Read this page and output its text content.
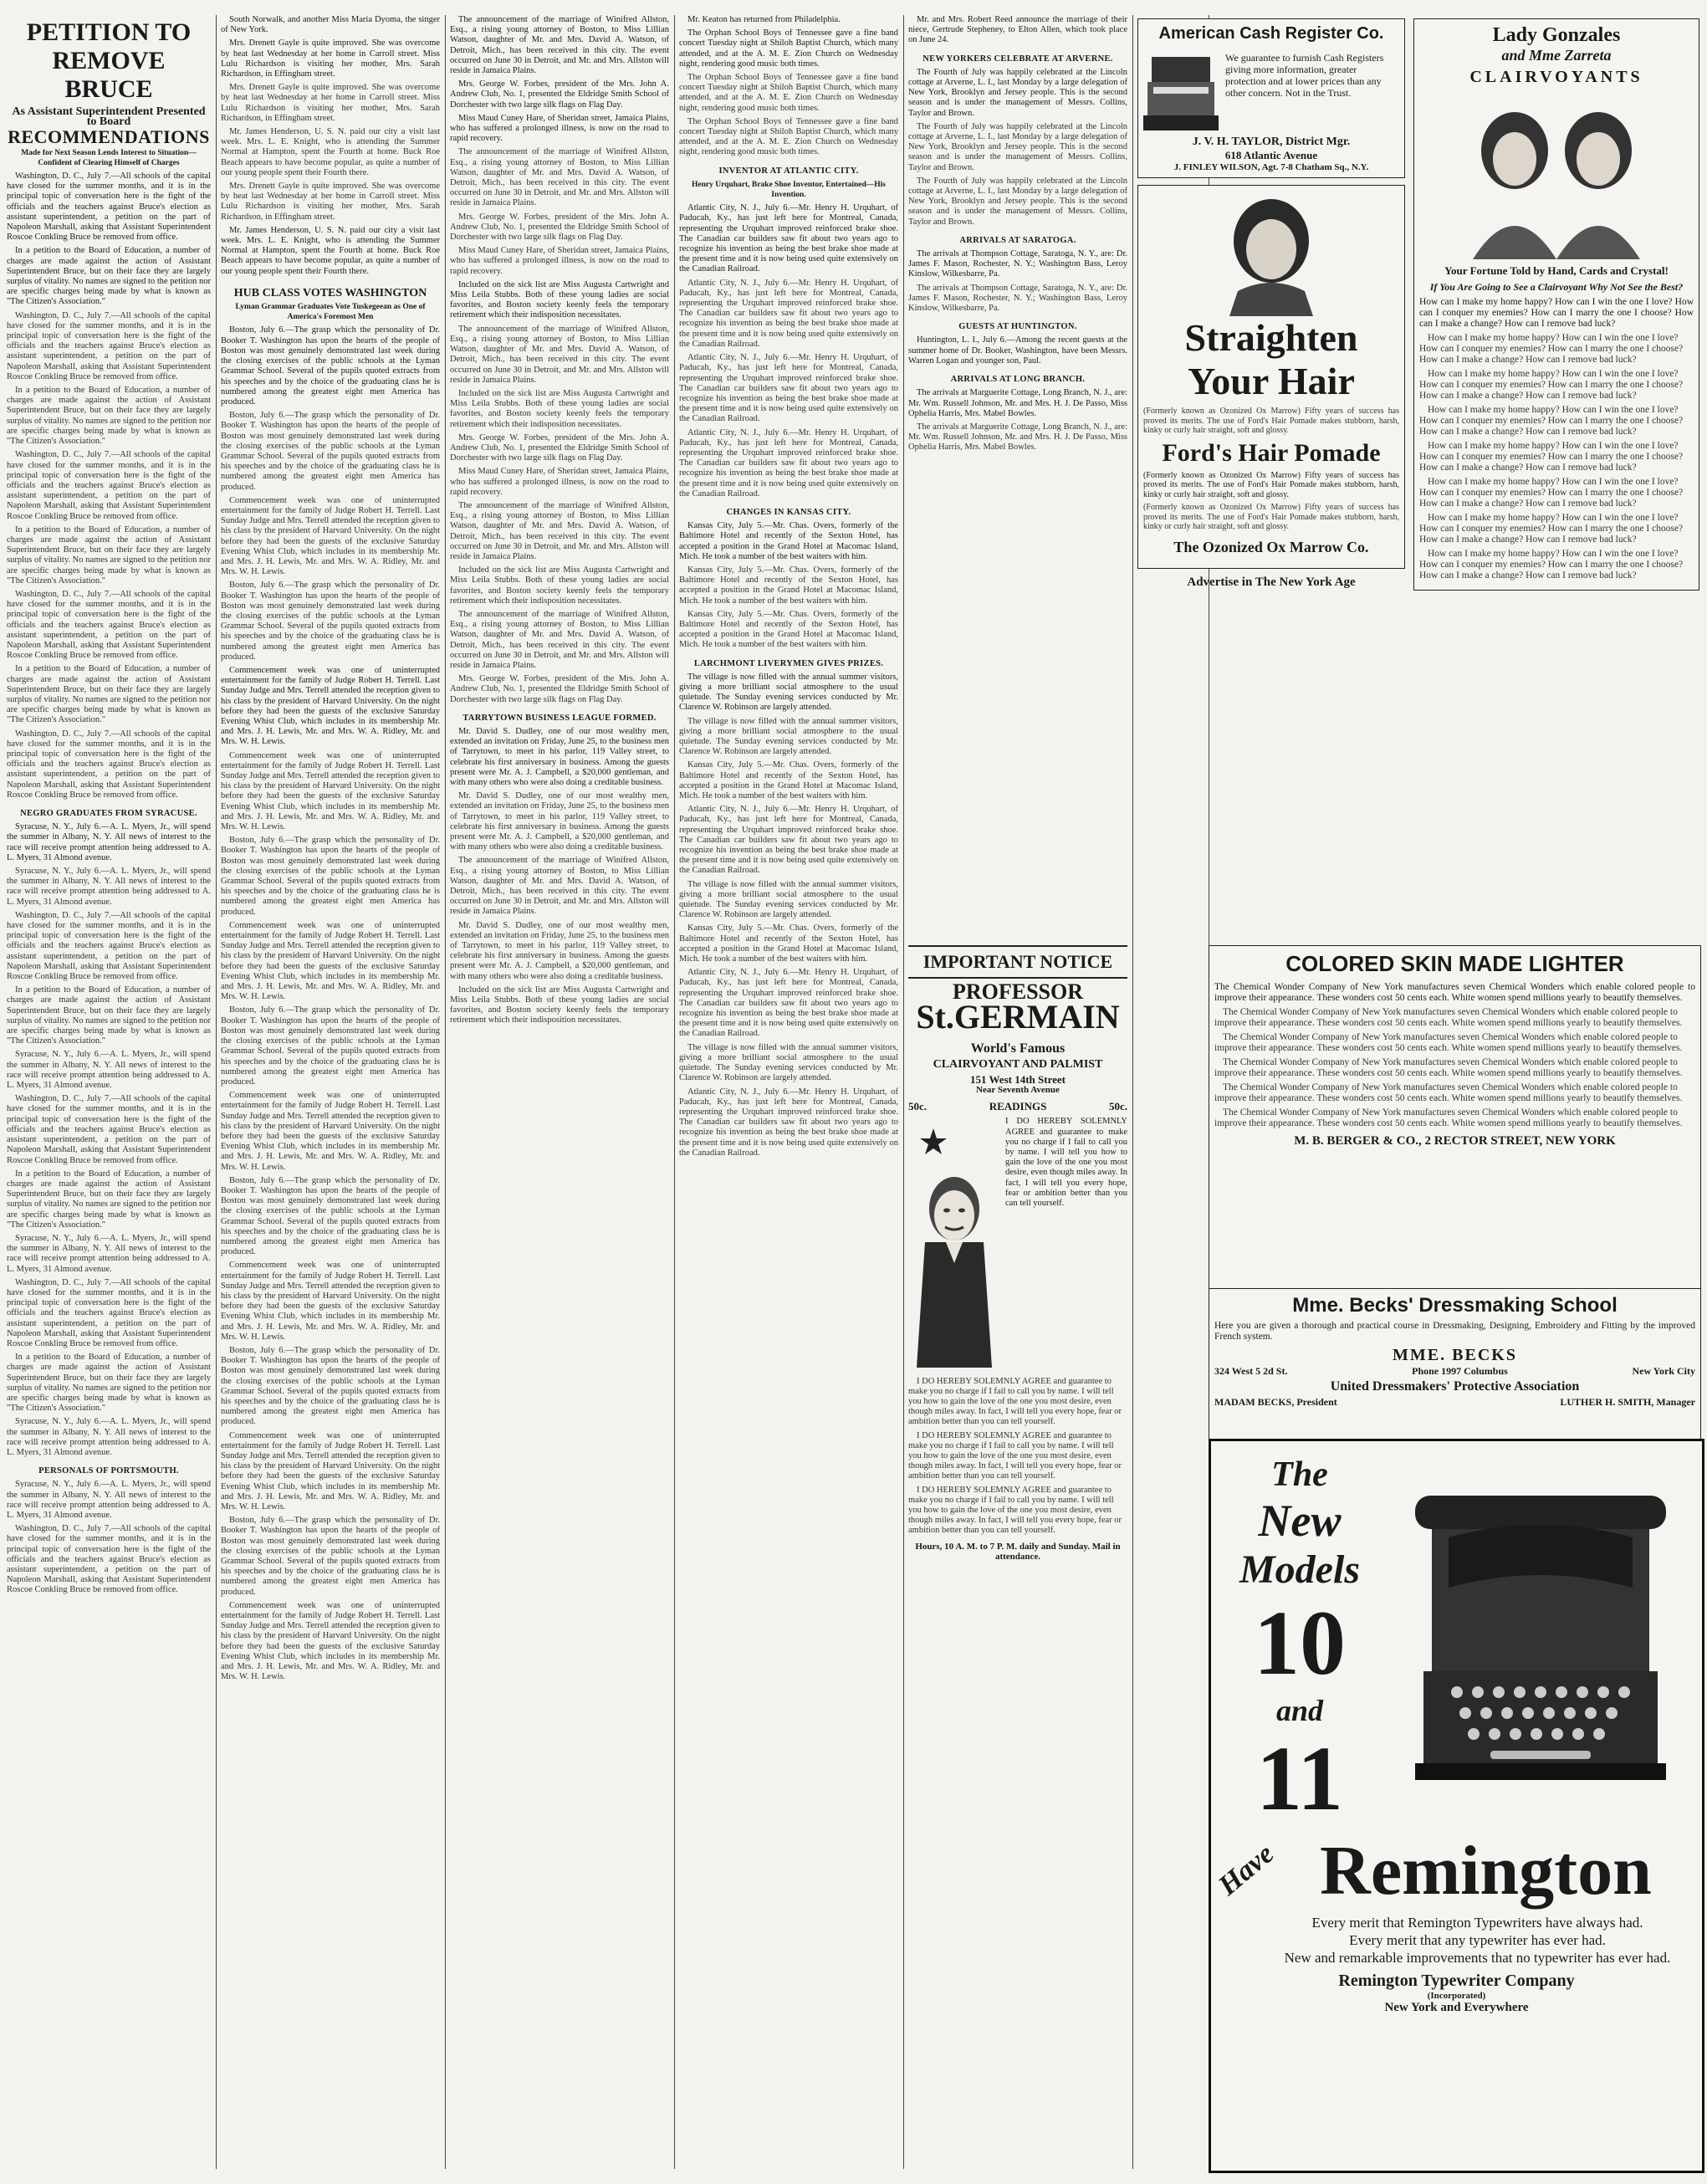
PETITION TO REMOVE BRUCE
As Assistant Superintendent Presented to Board
RECOMMENDATIONS
Made for Next Season Lends Interest to Situation—Confident of Clearing Himself of Charges

Washington, D. C., July 7.—All schools of the capital have closed for the summer months, and it is in the principal topic of conversation here is the fight of the officials and the teachers against Bruce's election as assistant superintendent, a petition on the part of Napoleon Marshall, asking that Assistant Superintendent Roscoe Conkling Bruce be removed from office.

In a petition to the Board of Education, a number of charges are made against the action of Assistant Superintendent Bruce, but on their face they are largely surplus of vitality. No names are signed to the petition nor are specific charges being made by what is known as "The Citizen's Association."

Washington, D. C., July 7.—All schools of the capital have closed for the summer months, and it is in the principal topic of conversation here is the fight of the officials and the teachers against Bruce's election as assistant superintendent, a petition on the part of Napoleon Marshall, asking that Assistant Superintendent Roscoe Conkling Bruce be removed from office.

In a petition to the Board of Education, a number of charges are made against the action of Assistant Superintendent Bruce, but on their face they are largely surplus of vitality. No names are signed to the petition nor are specific charges being made by what is known as "The Citizen's Association."

Washington, D. C., July 7.—All schools of the capital have closed for the summer months, and it is in the principal topic of conversation here is the fight of the officials and the teachers against Bruce's election as assistant superintendent, a petition on the part of Napoleon Marshall, asking that Assistant Superintendent Roscoe Conkling Bruce be removed from office.

In a petition to the Board of Education, a number of charges are made against the action of Assistant Superintendent Bruce, but on their face they are largely surplus of vitality. No names are signed to the petition nor are specific charges being made by what is known as "The Citizen's Association."

Washington, D. C., July 7.—All schools of the capital have closed for the summer months, and it is in the principal topic of conversation here is the fight of the officials and the teachers against Bruce's election as assistant superintendent, a petition on the part of Napoleon Marshall, asking that Assistant Superintendent Roscoe Conkling Bruce be removed from office.

In a petition to the Board of Education, a number of charges are made against the action of Assistant Superintendent Bruce, but on their face they are largely surplus of vitality. No names are signed to the petition nor are specific charges being made by what is known as "The Citizen's Association."

Washington, D. C., July 7.—All schools of the capital have closed for the summer months, and it is in the principal topic of conversation here is the fight of the officials and the teachers against Bruce's election as assistant superintendent, a petition on the part of Napoleon Marshall, asking that Assistant Superintendent Roscoe Conkling Bruce be removed from office.

NEGRO GRADUATES FROM SYRACUSE.

Syracuse, N. Y., July 6.—A. L. Myers, Jr., will spend the summer in Albany, N. Y. All news of interest to the race will receive prompt attention being addressed to A. L. Myers, 31 Almond avenue.

Syracuse, N. Y., July 6.—A. L. Myers, Jr., will spend the summer in Albany, N. Y. All news of interest to the race will receive prompt attention being addressed to A. L. Myers, 31 Almond avenue.

Washington, D. C., July 7.—All schools of the capital have closed for the summer months, and it is in the principal topic of conversation here is the fight of the officials and the teachers against Bruce's election as assistant superintendent, a petition on the part of Napoleon Marshall, asking that Assistant Superintendent Roscoe Conkling Bruce be removed from office.

In a petition to the Board of Education, a number of charges are made against the action of Assistant Superintendent Bruce, but on their face they are largely surplus of vitality. No names are signed to the petition nor are specific charges being made by what is known as "The Citizen's Association."

Syracuse, N. Y., July 6.—A. L. Myers, Jr., will spend the summer in Albany, N. Y. All news of interest to the race will receive prompt attention being addressed to A. L. Myers, 31 Almond avenue.

Washington, D. C., July 7.—All schools of the capital have closed for the summer months, and it is in the principal topic of conversation here is the fight of the officials and the teachers against Bruce's election as assistant superintendent, a petition on the part of Napoleon Marshall, asking that Assistant Superintendent Roscoe Conkling Bruce be removed from office.

In a petition to the Board of Education, a number of charges are made against the action of Assistant Superintendent Bruce, but on their face they are largely surplus of vitality. No names are signed to the petition nor are specific charges being made by what is known as "The Citizen's Association."

Syracuse, N. Y., July 6.—A. L. Myers, Jr., will spend the summer in Albany, N. Y. All news of interest to the race will receive prompt attention being addressed to A. L. Myers, 31 Almond avenue.

Washington, D. C., July 7.—All schools of the capital have closed for the summer months, and it is in the principal topic of conversation here is the fight of the officials and the teachers against Bruce's election as assistant superintendent, a petition on the part of Napoleon Marshall, asking that Assistant Superintendent Roscoe Conkling Bruce be removed from office.

In a petition to the Board of Education, a number of charges are made against the action of Assistant Superintendent Bruce, but on their face they are largely surplus of vitality. No names are signed to the petition nor are specific charges being made by what is known as "The Citizen's Association."

Syracuse, N. Y., July 6.—A. L. Myers, Jr., will spend the summer in Albany, N. Y. All news of interest to the race will receive prompt attention being addressed to A. L. Myers, 31 Almond avenue.

PERSONALS OF PORTSMOUTH.

Syracuse, N. Y., July 6.—A. L. Myers, Jr., will spend the summer in Albany, N. Y. All news of interest to the race will receive prompt attention being addressed to A. L. Myers, 31 Almond avenue.

Washington, D. C., July 7.—All schools of the capital have closed for the summer months, and it is in the principal topic of conversation here is the fight of the officials and the teachers against Bruce's election as assistant superintendent, a petition on the part of Napoleon Marshall, asking that Assistant Superintendent Roscoe Conkling Bruce be removed from office.

South Norwalk, and another Miss Maria Dyoma, the singer of New York.

Mrs. Drenett Gayle is quite improved. She was overcome by heat last Wednesday at her home in Carroll street. Miss Lulu Richardson is visiting her mother, Mrs. Sarah Richardson, in Effingham street.

Mrs. Drenett Gayle is quite improved. She was overcome by heat last Wednesday at her home in Carroll street. Miss Lulu Richardson is visiting her mother, Mrs. Sarah Richardson, in Effingham street.

Mr. James Henderson, U. S. N. paid our city a visit last week. Mrs. L. E. Knight, who is attending the Summer Normal at Hampton, spent the Fourth at home. Buck Roe Beach appears to have become popular, as quite a number of our young people spent their Fourth there.

Mrs. Drenett Gayle is quite improved. She was overcome by heat last Wednesday at her home in Carroll street. Miss Lulu Richardson is visiting her mother, Mrs. Sarah Richardson, in Effingham street.

Mr. James Henderson, U. S. N. paid our city a visit last week. Mrs. L. E. Knight, who is attending the Summer Normal at Hampton, spent the Fourth at home. Buck Roe Beach appears to have become popular, as quite a number of our young people spent their Fourth there.

HUB CLASS VOTES WASHINGTON
Lyman Grammar Graduates Vote Tuskegeean as One of America's Foremost Men

Boston, July 6.—The grasp which the personality of Dr. Booker T. Washington has upon the hearts of the people of Boston was most genuinely demonstrated last week during the closing exercises of the public schools at the Lyman Grammar School. Several of the pupils quoted extracts from his speeches and by the choice of the graduating class he is numbered among the greatest eight men America has produced.

Boston, July 6.—The grasp which the personality of Dr. Booker T. Washington has upon the hearts of the people of Boston was most genuinely demonstrated last week during the closing exercises of the public schools at the Lyman Grammar School. Several of the pupils quoted extracts from his speeches and by the choice of the graduating class he is numbered among the greatest eight men America has produced.

Commencement week was one of uninterrupted entertainment for the family of Judge Robert H. Terrell. Last Sunday Judge and Mrs. Terrell attended the reception given to his class by the president of Harvard University. On the night before they had been the guests of the exclusive Saturday Evening Whist Club, which includes in its membership Mr. and Mrs. J. H. Lewis, Mr. and Mrs. W. A. Ridley, Mr. and Mrs. W. H. Lewis.

Boston, July 6.—The grasp which the personality of Dr. Booker T. Washington has upon the hearts of the people of Boston was most genuinely demonstrated last week during the closing exercises of the public schools at the Lyman Grammar School. Several of the pupils quoted extracts from his speeches and by the choice of the graduating class he is numbered among the greatest eight men America has produced.

Commencement week was one of uninterrupted entertainment for the family of Judge Robert H. Terrell. Last Sunday Judge and Mrs. Terrell attended the reception given to his class by the president of Harvard University. On the night before they had been the guests of the exclusive Saturday Evening Whist Club, which includes in its membership Mr. and Mrs. J. H. Lewis, Mr. and Mrs. W. A. Ridley, Mr. and Mrs. W. H. Lewis.

Commencement week was one of uninterrupted entertainment for the family of Judge Robert H. Terrell. Last Sunday Judge and Mrs. Terrell attended the reception given to his class by the president of Harvard University. On the night before they had been the guests of the exclusive Saturday Evening Whist Club, which includes in its membership Mr. and Mrs. J. H. Lewis, Mr. and Mrs. W. A. Ridley, Mr. and Mrs. W. H. Lewis.

Boston, July 6.—The grasp which the personality of Dr. Booker T. Washington has upon the hearts of the people of Boston was most genuinely demonstrated last week during the closing exercises of the public schools at the Lyman Grammar School. Several of the pupils quoted extracts from his speeches and by the choice of the graduating class he is numbered among the greatest eight men America has produced.

Commencement week was one of uninterrupted entertainment for the family of Judge Robert H. Terrell. Last Sunday Judge and Mrs. Terrell attended the reception given to his class by the president of Harvard University. On the night before they had been the guests of the exclusive Saturday Evening Whist Club, which includes in its membership Mr. and Mrs. J. H. Lewis, Mr. and Mrs. W. A. Ridley, Mr. and Mrs. W. H. Lewis.

Boston, July 6.—The grasp which the personality of Dr. Booker T. Washington has upon the hearts of the people of Boston was most genuinely demonstrated last week during the closing exercises of the public schools at the Lyman Grammar School. Several of the pupils quoted extracts from his speeches and by the choice of the graduating class he is numbered among the greatest eight men America has produced.

Commencement week was one of uninterrupted entertainment for the family of Judge Robert H. Terrell. Last Sunday Judge and Mrs. Terrell attended the reception given to his class by the president of Harvard University. On the night before they had been the guests of the exclusive Saturday Evening Whist Club, which includes in its membership Mr. and Mrs. J. H. Lewis, Mr. and Mrs. W. A. Ridley, Mr. and Mrs. W. H. Lewis.

Boston, July 6.—The grasp which the personality of Dr. Booker T. Washington has upon the hearts of the people of Boston was most genuinely demonstrated last week during the closing exercises of the public schools at the Lyman Grammar School. Several of the pupils quoted extracts from his speeches and by the choice of the graduating class he is numbered among the greatest eight men America has produced.

Commencement week was one of uninterrupted entertainment for the family of Judge Robert H. Terrell. Last Sunday Judge and Mrs. Terrell attended the reception given to his class by the president of Harvard University. On the night before they had been the guests of the exclusive Saturday Evening Whist Club, which includes in its membership Mr. and Mrs. J. H. Lewis, Mr. and Mrs. W. A. Ridley, Mr. and Mrs. W. H. Lewis.

Boston, July 6.—The grasp which the personality of Dr. Booker T. Washington has upon the hearts of the people of Boston was most genuinely demonstrated last week during the closing exercises of the public schools at the Lyman Grammar School. Several of the pupils quoted extracts from his speeches and by the choice of the graduating class he is numbered among the greatest eight men America has produced.

Commencement week was one of uninterrupted entertainment for the family of Judge Robert H. Terrell. Last Sunday Judge and Mrs. Terrell attended the reception given to his class by the president of Harvard University. On the night before they had been the guests of the exclusive Saturday Evening Whist Club, which includes in its membership Mr. and Mrs. J. H. Lewis, Mr. and Mrs. W. A. Ridley, Mr. and Mrs. W. H. Lewis.

Boston, July 6.—The grasp which the personality of Dr. Booker T. Washington has upon the hearts of the people of Boston was most genuinely demonstrated last week during the closing exercises of the public schools at the Lyman Grammar School. Several of the pupils quoted extracts from his speeches and by the choice of the graduating class he is numbered among the greatest eight men America has produced.

Commencement week was one of uninterrupted entertainment for the family of Judge Robert H. Terrell. Last Sunday Judge and Mrs. Terrell attended the reception given to his class by the president of Harvard University. On the night before they had been the guests of the exclusive Saturday Evening Whist Club, which includes in its membership Mr. and Mrs. J. H. Lewis, Mr. and Mrs. W. A. Ridley, Mr. and Mrs. W. H. Lewis.

The announcement of the marriage of Winifred Allston, Esq., a rising young attorney of Boston, to Miss Lillian Watson, daughter of Mr. and Mrs. David A. Watson, of Detroit, Mich., has been received in this city. The event occurred on June 30 in Detroit, and Mr. and Mrs. Allston will reside in Jamaica Plains.

Mrs. George W. Forbes, president of the Mrs. John A. Andrew Club, No. 1, presented the Eldridge Smith School of Dorchester with two large silk flags on Flag Day.

Miss Maud Cuney Hare, of Sheridan street, Jamaica Plains, who has suffered a prolonged illness, is now on the road to rapid recovery.

The announcement of the marriage of Winifred Allston, Esq., a rising young attorney of Boston, to Miss Lillian Watson, daughter of Mr. and Mrs. David A. Watson, of Detroit, Mich., has been received in this city. The event occurred on June 30 in Detroit, and Mr. and Mrs. Allston will reside in Jamaica Plains.

Mrs. George W. Forbes, president of the Mrs. John A. Andrew Club, No. 1, presented the Eldridge Smith School of Dorchester with two large silk flags on Flag Day.

Miss Maud Cuney Hare, of Sheridan street, Jamaica Plains, who has suffered a prolonged illness, is now on the road to rapid recovery.

Included on the sick list are Miss Augusta Cartwright and Miss Leila Stubbs. Both of these young ladies are social favorites, and Boston society keenly feels the temporary retirement which their indisposition necessitates.

The announcement of the marriage of Winifred Allston, Esq., a rising young attorney of Boston, to Miss Lillian Watson, daughter of Mr. and Mrs. David A. Watson, of Detroit, Mich., has been received in this city. The event occurred on June 30 in Detroit, and Mr. and Mrs. Allston will reside in Jamaica Plains.

Included on the sick list are Miss Augusta Cartwright and Miss Leila Stubbs. Both of these young ladies are social favorites, and Boston society keenly feels the temporary retirement which their indisposition necessitates.

Mrs. George W. Forbes, president of the Mrs. John A. Andrew Club, No. 1, presented the Eldridge Smith School of Dorchester with two large silk flags on Flag Day.

Miss Maud Cuney Hare, of Sheridan street, Jamaica Plains, who has suffered a prolonged illness, is now on the road to rapid recovery.

The announcement of the marriage of Winifred Allston, Esq., a rising young attorney of Boston, to Miss Lillian Watson, daughter of Mr. and Mrs. David A. Watson, of Detroit, Mich., has been received in this city. The event occurred on June 30 in Detroit, and Mr. and Mrs. Allston will reside in Jamaica Plains.

Included on the sick list are Miss Augusta Cartwright and Miss Leila Stubbs. Both of these young ladies are social favorites, and Boston society keenly feels the temporary retirement which their indisposition necessitates.

The announcement of the marriage of Winifred Allston, Esq., a rising young attorney of Boston, to Miss Lillian Watson, daughter of Mr. and Mrs. David A. Watson, of Detroit, Mich., has been received in this city. The event occurred on June 30 in Detroit, and Mr. and Mrs. Allston will reside in Jamaica Plains.

Mrs. George W. Forbes, president of the Mrs. John A. Andrew Club, No. 1, presented the Eldridge Smith School of Dorchester with two large silk flags on Flag Day.

TARRYTOWN BUSINESS LEAGUE FORMED.

Mr. David S. Dudley, one of our most wealthy men, extended an invitation on Friday, June 25, to the business men of Tarrytown, to meet in his parlor, 119 Valley street, to celebrate his first anniversary in business. Among the guests present were Mr. A. J. Campbell, a $20,000 gentleman, and with many others who were also doing a creditable business.

Mr. David S. Dudley, one of our most wealthy men, extended an invitation on Friday, June 25, to the business men of Tarrytown, to meet in his parlor, 119 Valley street, to celebrate his first anniversary in business. Among the guests present were Mr. A. J. Campbell, a $20,000 gentleman, and with many others who were also doing a creditable business.

The announcement of the marriage of Winifred Allston, Esq., a rising young attorney of Boston, to Miss Lillian Watson, daughter of Mr. and Mrs. David A. Watson, of Detroit, Mich., has been received in this city. The event occurred on June 30 in Detroit, and Mr. and Mrs. Allston will reside in Jamaica Plains.

Mr. David S. Dudley, one of our most wealthy men, extended an invitation on Friday, June 25, to the business men of Tarrytown, to meet in his parlor, 119 Valley street, to celebrate his first anniversary in business. Among the guests present were Mr. A. J. Campbell, a $20,000 gentleman, and with many others who were also doing a creditable business.

Included on the sick list are Miss Augusta Cartwright and Miss Leila Stubbs. Both of these young ladies are social favorites, and Boston society keenly feels the temporary retirement which their indisposition necessitates.

Mr. Keaton has returned from Philadelphia.

The Orphan School Boys of Tennessee gave a fine band concert Tuesday night at Shiloh Baptist Church, which many attended, and at the A. M. E. Zion Church on Wednesday night, rendering good music both times.

The Orphan School Boys of Tennessee gave a fine band concert Tuesday night at Shiloh Baptist Church, which many attended, and at the A. M. E. Zion Church on Wednesday night, rendering good music both times.

The Orphan School Boys of Tennessee gave a fine band concert Tuesday night at Shiloh Baptist Church, which many attended, and at the A. M. E. Zion Church on Wednesday night, rendering good music both times.

INVENTOR AT ATLANTIC CITY.
Henry Urquhart, Brake Shoe Inventor, Entertained—His Invention.

Atlantic City, N. J., July 6.—Mr. Henry H. Urquhart, of Paducah, Ky., has just left here for Montreal, Canada, representing the Urquhart improved reinforced brake shoe. The Canadian car builders saw fit about two years ago to recognize his invention as being the best brake shoe made at the present time and it is now being used quite extensively on the Canadian Railroad.

Atlantic City, N. J., July 6.—Mr. Henry H. Urquhart, of Paducah, Ky., has just left here for Montreal, Canada, representing the Urquhart improved reinforced brake shoe. The Canadian car builders saw fit about two years ago to recognize his invention as being the best brake shoe made at the present time and it is now being used quite extensively on the Canadian Railroad.

Atlantic City, N. J., July 6.—Mr. Henry H. Urquhart, of Paducah, Ky., has just left here for Montreal, Canada, representing the Urquhart improved reinforced brake shoe. The Canadian car builders saw fit about two years ago to recognize his invention as being the best brake shoe made at the present time and it is now being used quite extensively on the Canadian Railroad.

Atlantic City, N. J., July 6.—Mr. Henry H. Urquhart, of Paducah, Ky., has just left here for Montreal, Canada, representing the Urquhart improved reinforced brake shoe. The Canadian car builders saw fit about two years ago to recognize his invention as being the best brake shoe made at the present time and it is now being used quite extensively on the Canadian Railroad.

CHANGES IN KANSAS CITY.

Kansas City, July 5.—Mr. Chas. Overs, formerly of the Baltimore Hotel and recently of the Sexton Hotel, has accepted a position in the Grand Hotel at Macomac Island, Mich. He took a number of the best waiters with him.

Kansas City, July 5.—Mr. Chas. Overs, formerly of the Baltimore Hotel and recently of the Sexton Hotel, has accepted a position in the Grand Hotel at Macomac Island, Mich. He took a number of the best waiters with him.

Kansas City, July 5.—Mr. Chas. Overs, formerly of the Baltimore Hotel and recently of the Sexton Hotel, has accepted a position in the Grand Hotel at Macomac Island, Mich. He took a number of the best waiters with him.

LARCHMONT LIVERYMEN GIVES PRIZES.

The village is now filled with the annual summer visitors, giving a more brilliant social atmosphere to the usual quietude. The Sunday evening services conducted by Mr. Clarence W. Robinson are largely attended.

The village is now filled with the annual summer visitors, giving a more brilliant social atmosphere to the usual quietude. The Sunday evening services conducted by Mr. Clarence W. Robinson are largely attended.

Kansas City, July 5.—Mr. Chas. Overs, formerly of the Baltimore Hotel and recently of the Sexton Hotel, has accepted a position in the Grand Hotel at Macomac Island, Mich. He took a number of the best waiters with him.

Atlantic City, N. J., July 6.—Mr. Henry H. Urquhart, of Paducah, Ky., has just left here for Montreal, Canada, representing the Urquhart improved reinforced brake shoe. The Canadian car builders saw fit about two years ago to recognize his invention as being the best brake shoe made at the present time and it is now being used quite extensively on the Canadian Railroad.

The village is now filled with the annual summer visitors, giving a more brilliant social atmosphere to the usual quietude. The Sunday evening services conducted by Mr. Clarence W. Robinson are largely attended.

Kansas City, July 5.—Mr. Chas. Overs, formerly of the Baltimore Hotel and recently of the Sexton Hotel, has accepted a position in the Grand Hotel at Macomac Island, Mich. He took a number of the best waiters with him.

Atlantic City, N. J., July 6.—Mr. Henry H. Urquhart, of Paducah, Ky., has just left here for Montreal, Canada, representing the Urquhart improved reinforced brake shoe. The Canadian car builders saw fit about two years ago to recognize his invention as being the best brake shoe made at the present time and it is now being used quite extensively on the Canadian Railroad.

The village is now filled with the annual summer visitors, giving a more brilliant social atmosphere to the usual quietude. The Sunday evening services conducted by Mr. Clarence W. Robinson are largely attended.

Atlantic City, N. J., July 6.—Mr. Henry H. Urquhart, of Paducah, Ky., has just left here for Montreal, Canada, representing the Urquhart improved reinforced brake shoe. The Canadian car builders saw fit about two years ago to recognize his invention as being the best brake shoe made at the present time and it is now being used quite extensively on the Canadian Railroad.

Mr. and Mrs. Robert Reed announce the marriage of their niece, Gertrude Stepheney, to Elton Allen, which took place on June 24.

NEW YORKERS CELEBRATE AT ARVERNE.

The Fourth of July was happily celebrated at the Lincoln cottage at Arverne, L. I., last Monday by a large delegation of New York, Brooklyn and Jersey people. This is the second season and is under the management of Messrs. Collins, Taylor and Brown.

The Fourth of July was happily celebrated at the Lincoln cottage at Arverne, L. I., last Monday by a large delegation of New York, Brooklyn and Jersey people. This is the second season and is under the management of Messrs. Collins, Taylor and Brown.

The Fourth of July was happily celebrated at the Lincoln cottage at Arverne, L. I., last Monday by a large delegation of New York, Brooklyn and Jersey people. This is the second season and is under the management of Messrs. Collins, Taylor and Brown.

ARRIVALS AT SARATOGA.

The arrivals at Thompson Cottage, Saratoga, N. Y., are: Dr. James F. Mason, Rochester, N. Y.; Washington Bass, Leroy Kinslow, Wilkesbarre, Pa.

The arrivals at Thompson Cottage, Saratoga, N. Y., are: Dr. James F. Mason, Rochester, N. Y.; Washington Bass, Leroy Kinslow, Wilkesbarre, Pa.

GUESTS AT HUNTINGTON.

Huntington, L. I., July 6.—Among the recent guests at the summer home of Dr. Booker, Washington, have been Messrs. Warren Logan and younger son, Paul.

ARRIVALS AT LONG BRANCH.

The arrivals at Marguerite Cottage, Long Branch, N. J., are: Mr. Wm. Russell Johnson, Mr. and Mrs. H. J. De Passo, Miss Ophelia Harris, Mrs. Mabel Bowles.

The arrivals at Marguerite Cottage, Long Branch, N. J., are: Mr. Wm. Russell Johnson, Mr. and Mrs. H. J. De Passo, Miss Ophelia Harris, Mrs. Mabel Bowles.

IMPORTANT NOTICE
PROFESSOR
St.GERMAIN
World's Famous
CLAIRVOYANT AND PALMIST
151 West 14th Street
Near Seventh Avenue
50c.	READINGS	50c.
I DO HEREBY SOLEMNLY AGREE and guarantee to make you no charge if I fail to call you by name. I will tell you how to gain the love of the one you most desire, even though miles away. In fact, I will tell you every hope, fear or ambition better than you can tell yourself.

I DO HEREBY SOLEMNLY AGREE and guarantee to make you no charge if I fail to call you by name. I will tell you how to gain the love of the one you most desire, even though miles away. In fact, I will tell you every hope, fear or ambition better than you can tell yourself.

I DO HEREBY SOLEMNLY AGREE and guarantee to make you no charge if I fail to call you by name. I will tell you how to gain the love of the one you most desire, even though miles away. In fact, I will tell you every hope, fear or ambition better than you can tell yourself.

I DO HEREBY SOLEMNLY AGREE and guarantee to make you no charge if I fail to call you by name. I will tell you how to gain the love of the one you most desire, even though miles away. In fact, I will tell you every hope, fear or ambition better than you can tell yourself.

Hours, 10 A. M. to 7 P. M. daily and Sunday. Mail in attendance.
American Cash Register Co.
We guarantee to furnish Cash Registers giving more information, greater protection and at lower prices than any other concern. Not in the Trust.
J. V. H. TAYLOR, District Mgr.
618 Atlantic Avenue
J. FINLEY WILSON, Agt. 7-8 Chatham Sq., N.Y.
Straighten Your Hair
(Formerly known as Ozonized Ox Marrow) Fifty years of success has proved its merits. The use of Ford's Hair Pomade makes stubborn, harsh, kinky or curly hair straight, soft and glossy.
Ford's Hair Pomade
(Formerly known as Ozonized Ox Marrow) Fifty years of success has proved its merits. The use of Ford's Hair Pomade makes stubborn, harsh, kinky or curly hair straight, soft and glossy.
(Formerly known as Ozonized Ox Marrow) Fifty years of success has proved its merits. The use of Ford's Hair Pomade makes stubborn, harsh, kinky or curly hair straight, soft and glossy.
The Ozonized Ox Marrow Co.
Advertise in The New York Age
Lady Gonzales
and Mme Zarreta
CLAIRVOYANTS
Your Fortune Told by Hand, Cards and Crystal!
If You Are Going to See a Clairvoyant Why Not See the Best?
How can I make my home happy? How can I win the one I love? How can I conquer my enemies? How can I marry the one I choose? How can I make a change? How can I remove bad luck?

How can I make my home happy? How can I win the one I love? How can I conquer my enemies? How can I marry the one I choose? How can I make a change? How can I remove bad luck?

How can I make my home happy? How can I win the one I love? How can I conquer my enemies? How can I marry the one I choose? How can I make a change? How can I remove bad luck?

How can I make my home happy? How can I win the one I love? How can I conquer my enemies? How can I marry the one I choose? How can I make a change? How can I remove bad luck?

How can I make my home happy? How can I win the one I love? How can I conquer my enemies? How can I marry the one I choose? How can I make a change? How can I remove bad luck?

How can I make my home happy? How can I win the one I love? How can I conquer my enemies? How can I marry the one I choose? How can I make a change? How can I remove bad luck?

How can I make my home happy? How can I win the one I love? How can I conquer my enemies? How can I marry the one I choose? How can I make a change? How can I remove bad luck?

How can I make my home happy? How can I win the one I love? How can I conquer my enemies? How can I marry the one I choose? How can I make a change? How can I remove bad luck?

COLORED SKIN MADE LIGHTER
The Chemical Wonder Company of New York manufactures seven Chemical Wonders which enable colored people to improve their appearance. These wonders cost 50 cents each. White women spend millions yearly to beautify themselves.

The Chemical Wonder Company of New York manufactures seven Chemical Wonders which enable colored people to improve their appearance. These wonders cost 50 cents each. White women spend millions yearly to beautify themselves.

The Chemical Wonder Company of New York manufactures seven Chemical Wonders which enable colored people to improve their appearance. These wonders cost 50 cents each. White women spend millions yearly to beautify themselves.

The Chemical Wonder Company of New York manufactures seven Chemical Wonders which enable colored people to improve their appearance. These wonders cost 50 cents each. White women spend millions yearly to beautify themselves.

The Chemical Wonder Company of New York manufactures seven Chemical Wonders which enable colored people to improve their appearance. These wonders cost 50 cents each. White women spend millions yearly to beautify themselves.

The Chemical Wonder Company of New York manufactures seven Chemical Wonders which enable colored people to improve their appearance. These wonders cost 50 cents each. White women spend millions yearly to beautify themselves.

M. B. BERGER & CO., 2 RECTOR STREET, NEW YORK
Mme. Becks' Dressmaking School
Here you are given a thorough and practical course in Dressmaking, Designing, Embroidery and Fitting by the improved French system.
MME. BECKS
324 West 5 2d St.	Phone 1997 Columbus	New York City
United Dressmakers' Protective Association
MADAM BECKS, President	LUTHER H. SMITH, Manager
The
New
Models
10
and
11
Have Remington
Every merit that Remington Typewriters have always had.
Every merit that any typewriter has ever had.
New and remarkable improvements that no typewriter has ever had.
Remington Typewriter Company
(Incorporated)
New York and Everywhere
